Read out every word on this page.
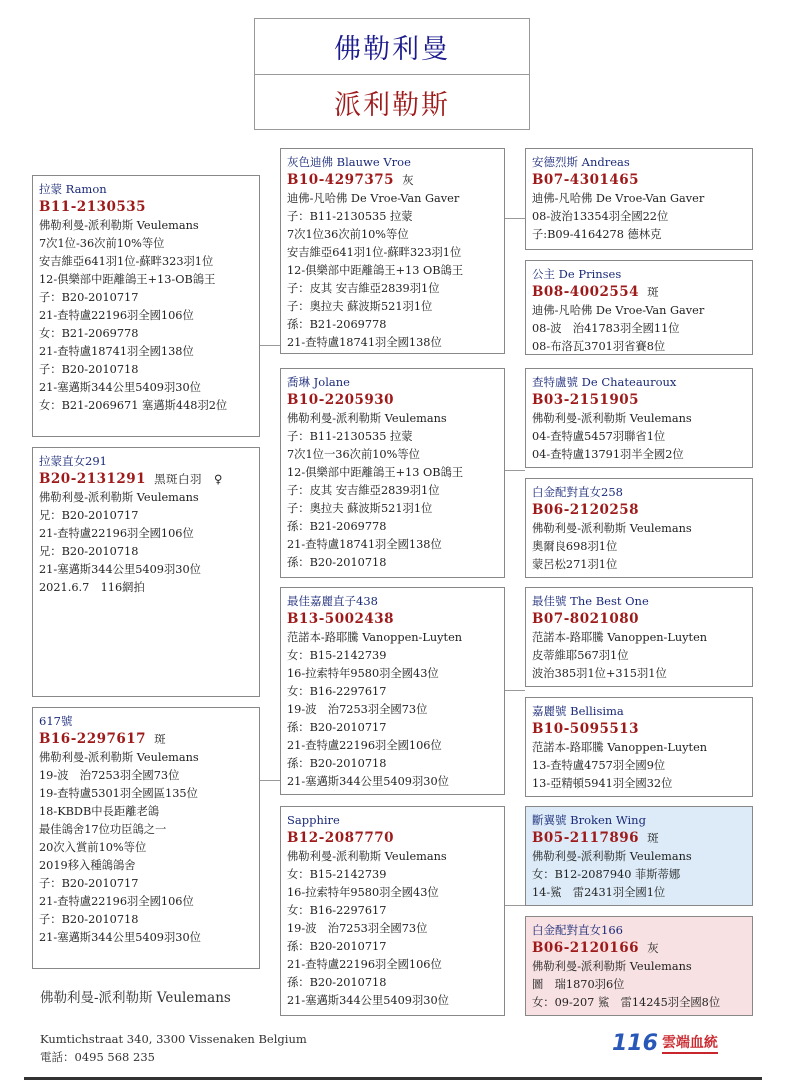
佛勒利曼
派利勒斯
拉蒙 Ramon
B11-2130535
佛勒利曼-派利勒斯 Veulemans
7次1位-36次前10%等位
安吉維亞641羽1位-蘇畔323羽1位
12-俱樂部中距離鴿王+13-OB鴿王
子：B20-2010717
21-查特盧22196羽全國106位
女：B21-2069778
21-查特盧18741羽全國138位
子：B20-2010718
21-塞邁斯344公里5409羽30位
女：B21-2069671 塞邁斯448羽2位
拉蒙直女291
B20-2131291 黑斑白羽　♀
佛勒利曼-派利勒斯 Veulemans
兄：B20-2010717
21-查特盧22196羽全國106位
兄：B20-2010718
21-塞邁斯344公里5409羽30位
2021.6.7　116網拍
617號
B16-2297617 斑
佛勒利曼-派利勒斯 Veulemans
19-波　治7253羽全國73位
19-查特盧5301羽全國區135位
18-KBDB中長距離老鴿
最佳鴿舍17位功臣鴿之一
20次入賞前10%等位
2019移入種鴿鴿舍
子：B20-2010717
21-查特盧22196羽全國106位
子：B20-2010718
21-塞邁斯344公里5409羽30位
灰色迪佛 Blauwe Vroe
B10-4297375 灰
迪佛-凡哈佛 De Vroe-Van Gaver
子：B11-2130535 拉蒙
7次1位36次前10%等位
安吉維亞641羽1位-蘇畔323羽1位
12-俱樂部中距離鴿王+13 OB鴿王
子：皮其 安吉維亞2839羽1位
子：奧拉夫 蘇波斯521羽1位
孫：B21-2069778
21-查特盧18741羽全國138位
喬琳 Jolane
B10-2205930
佛勒利曼-派利勒斯 Veulemans
子：B11-2130535 拉蒙
7次1位一36次前10%等位
12-俱樂部中距離鴿王+13 OB鴿王
子：皮其 安吉維亞2839羽1位
子：奧拉夫 蘇波斯521羽1位
孫：B21-2069778
21-查特盧18741羽全國138位
孫：B20-2010718
最佳嘉麗直子438
B13-5002438
范諾本-路耶騰 Vanoppen-Luyten
女：B15-2142739
16-拉索特年9580羽全國43位
女：B16-2297617
19-波　治7253羽全國73位
孫：B20-2010717
21-查特盧22196羽全國106位
孫：B20-2010718
21-塞邁斯344公里5409羽30位
Sapphire
B12-2087770
佛勒利曼-派利勒斯 Veulemans
女：B15-2142739
16-拉索特年9580羽全國43位
女：B16-2297617
19-波　治7253羽全國73位
孫：B20-2010717
21-查特盧22196羽全國106位
孫：B20-2010718
21-塞邁斯344公里5409羽30位
安德烈斯 Andreas
B07-4301465
迪佛-凡哈佛 De Vroe-Van Gaver
08-波治13354羽全國22位
子:B09-4164278 德林克
公主 De Prinses
B08-4002554 斑
迪佛-凡哈佛 De Vroe-Van Gaver
08-波　治41783羽全國11位
08-布洛瓦3701羽省賽8位
查特盧號 De Chateauroux
B03-2151905
佛勒利曼-派利勒斯 Veulemans
04-查特盧5457羽聯省1位
04-查特盧13791羽半全國2位
白金配對直女258
B06-2120258
佛勒利曼-派利勒斯 Veulemans
奧爾良698羽1位
蒙呂松271羽1位
最佳號 The Best One
B07-8021080
范諾本-路耶騰 Vanoppen-Luyten
皮蒂維耶567羽1位
波治385羽1位+315羽1位
嘉麗號 Bellisima
B10-5095513
范諾本-路耶騰 Vanoppen-Luyten
13-查特盧4757羽全國9位
13-亞精頓5941羽全國32位
斷翼號 Broken Wing
B05-2117896 斑
佛勒利曼-派利勒斯 Veulemans
女：B12-2087940 菲斯蒂娜
14-鯊　雷2431羽全國1位
白金配對直女166
B06-2120166 灰
佛勒利曼-派利勒斯 Veulemans
圖　瑞1870羽6位
女：09-207 鯊　雷14245羽全國8位
佛勒利曼-派利勒斯 Veulemans
Kumtichstraat 340, 3300 Vissenaken Belgium
電話：0495 568 235
116 雲端血統
